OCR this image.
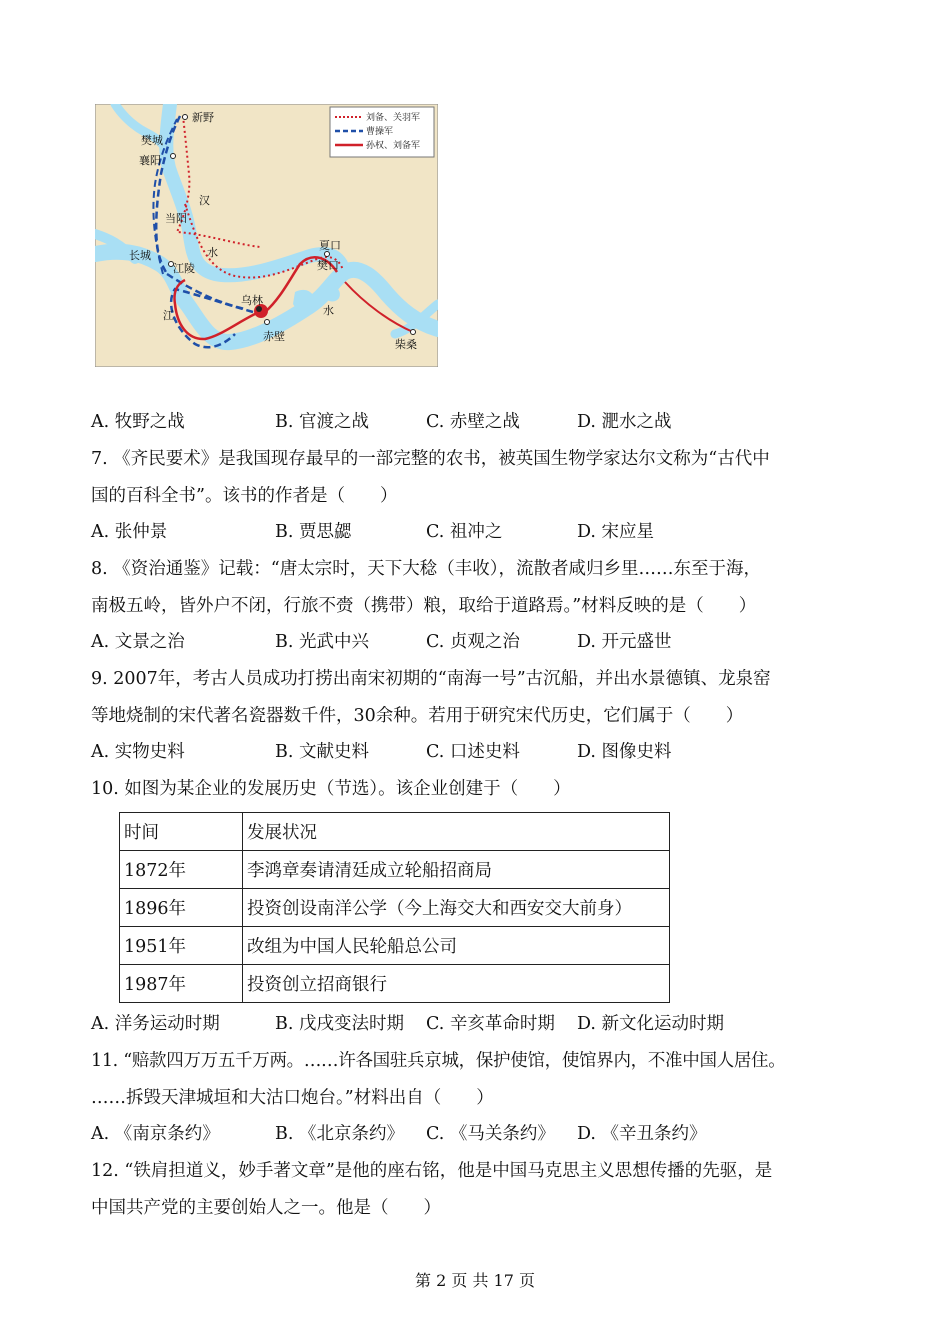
刘备、关羽军
曹操军
孙权、刘备军
新野
樊城
襄阳
汉
当阳
水
长城
江陵
乌林
江
赤壁
夏口
樊口
水
柴桑
A. 牧野之战	B. 官渡之战	C. 赤壁之战	D. 淝水之战
7. 《齐民要术》是我国现存最早的一部完整的农书，被英国生物学家达尔文称为“古代中
国的百科全书”。该书的作者是（　　）
A. 张仲景	B. 贾思勰	C. 祖冲之	D. 宋应星
8. 《资治通鉴》记载：“唐太宗时，天下大稔（丰收），流散者咸归乡里……东至于海，
南极五岭，皆外户不闭，行旅不赍（携带）粮，取给于道路焉。”材料反映的是（　　）
A. 文景之治	B. 光武中兴	C. 贞观之治	D. 开元盛世
9. 2007年，考古人员成功打捞出南宋初期的“南海一号”古沉船，并出水景德镇、龙泉窑
等地烧制的宋代著名瓷器数千件，30余种。若用于研究宋代历史，它们属于（　　）
A. 实物史料	B. 文献史料	C. 口述史料	D. 图像史料
10. 如图为某企业的发展历史（节选）。该企业创建于（　　）
时间	发展状况
1872年	李鸿章奏请清廷成立轮船招商局
1896年	投资创设南洋公学（今上海交大和西安交大前身）
1951年	改组为中国人民轮船总公司
1987年	投资创立招商银行
A. 洋务运动时期	B. 戊戌变法时期 C. 辛亥革命时期 D. 新文化运动时期
11. “赔款四万万五千万两。……许各国驻兵京城，保护使馆，使馆界内，不准中国人居住。
……拆毁天津城垣和大沽口炮台。”材料出自（　　）
A. 《南京条约》	B. 《北京条约》 C. 《马关条约》 D. 《辛丑条约》
12. “铁肩担道义，妙手著文章”是他的座右铭，他是中国马克思主义思想传播的先驱，是
中国共产党的主要创始人之一。他是（　　）
第 2 页 共 17 页
